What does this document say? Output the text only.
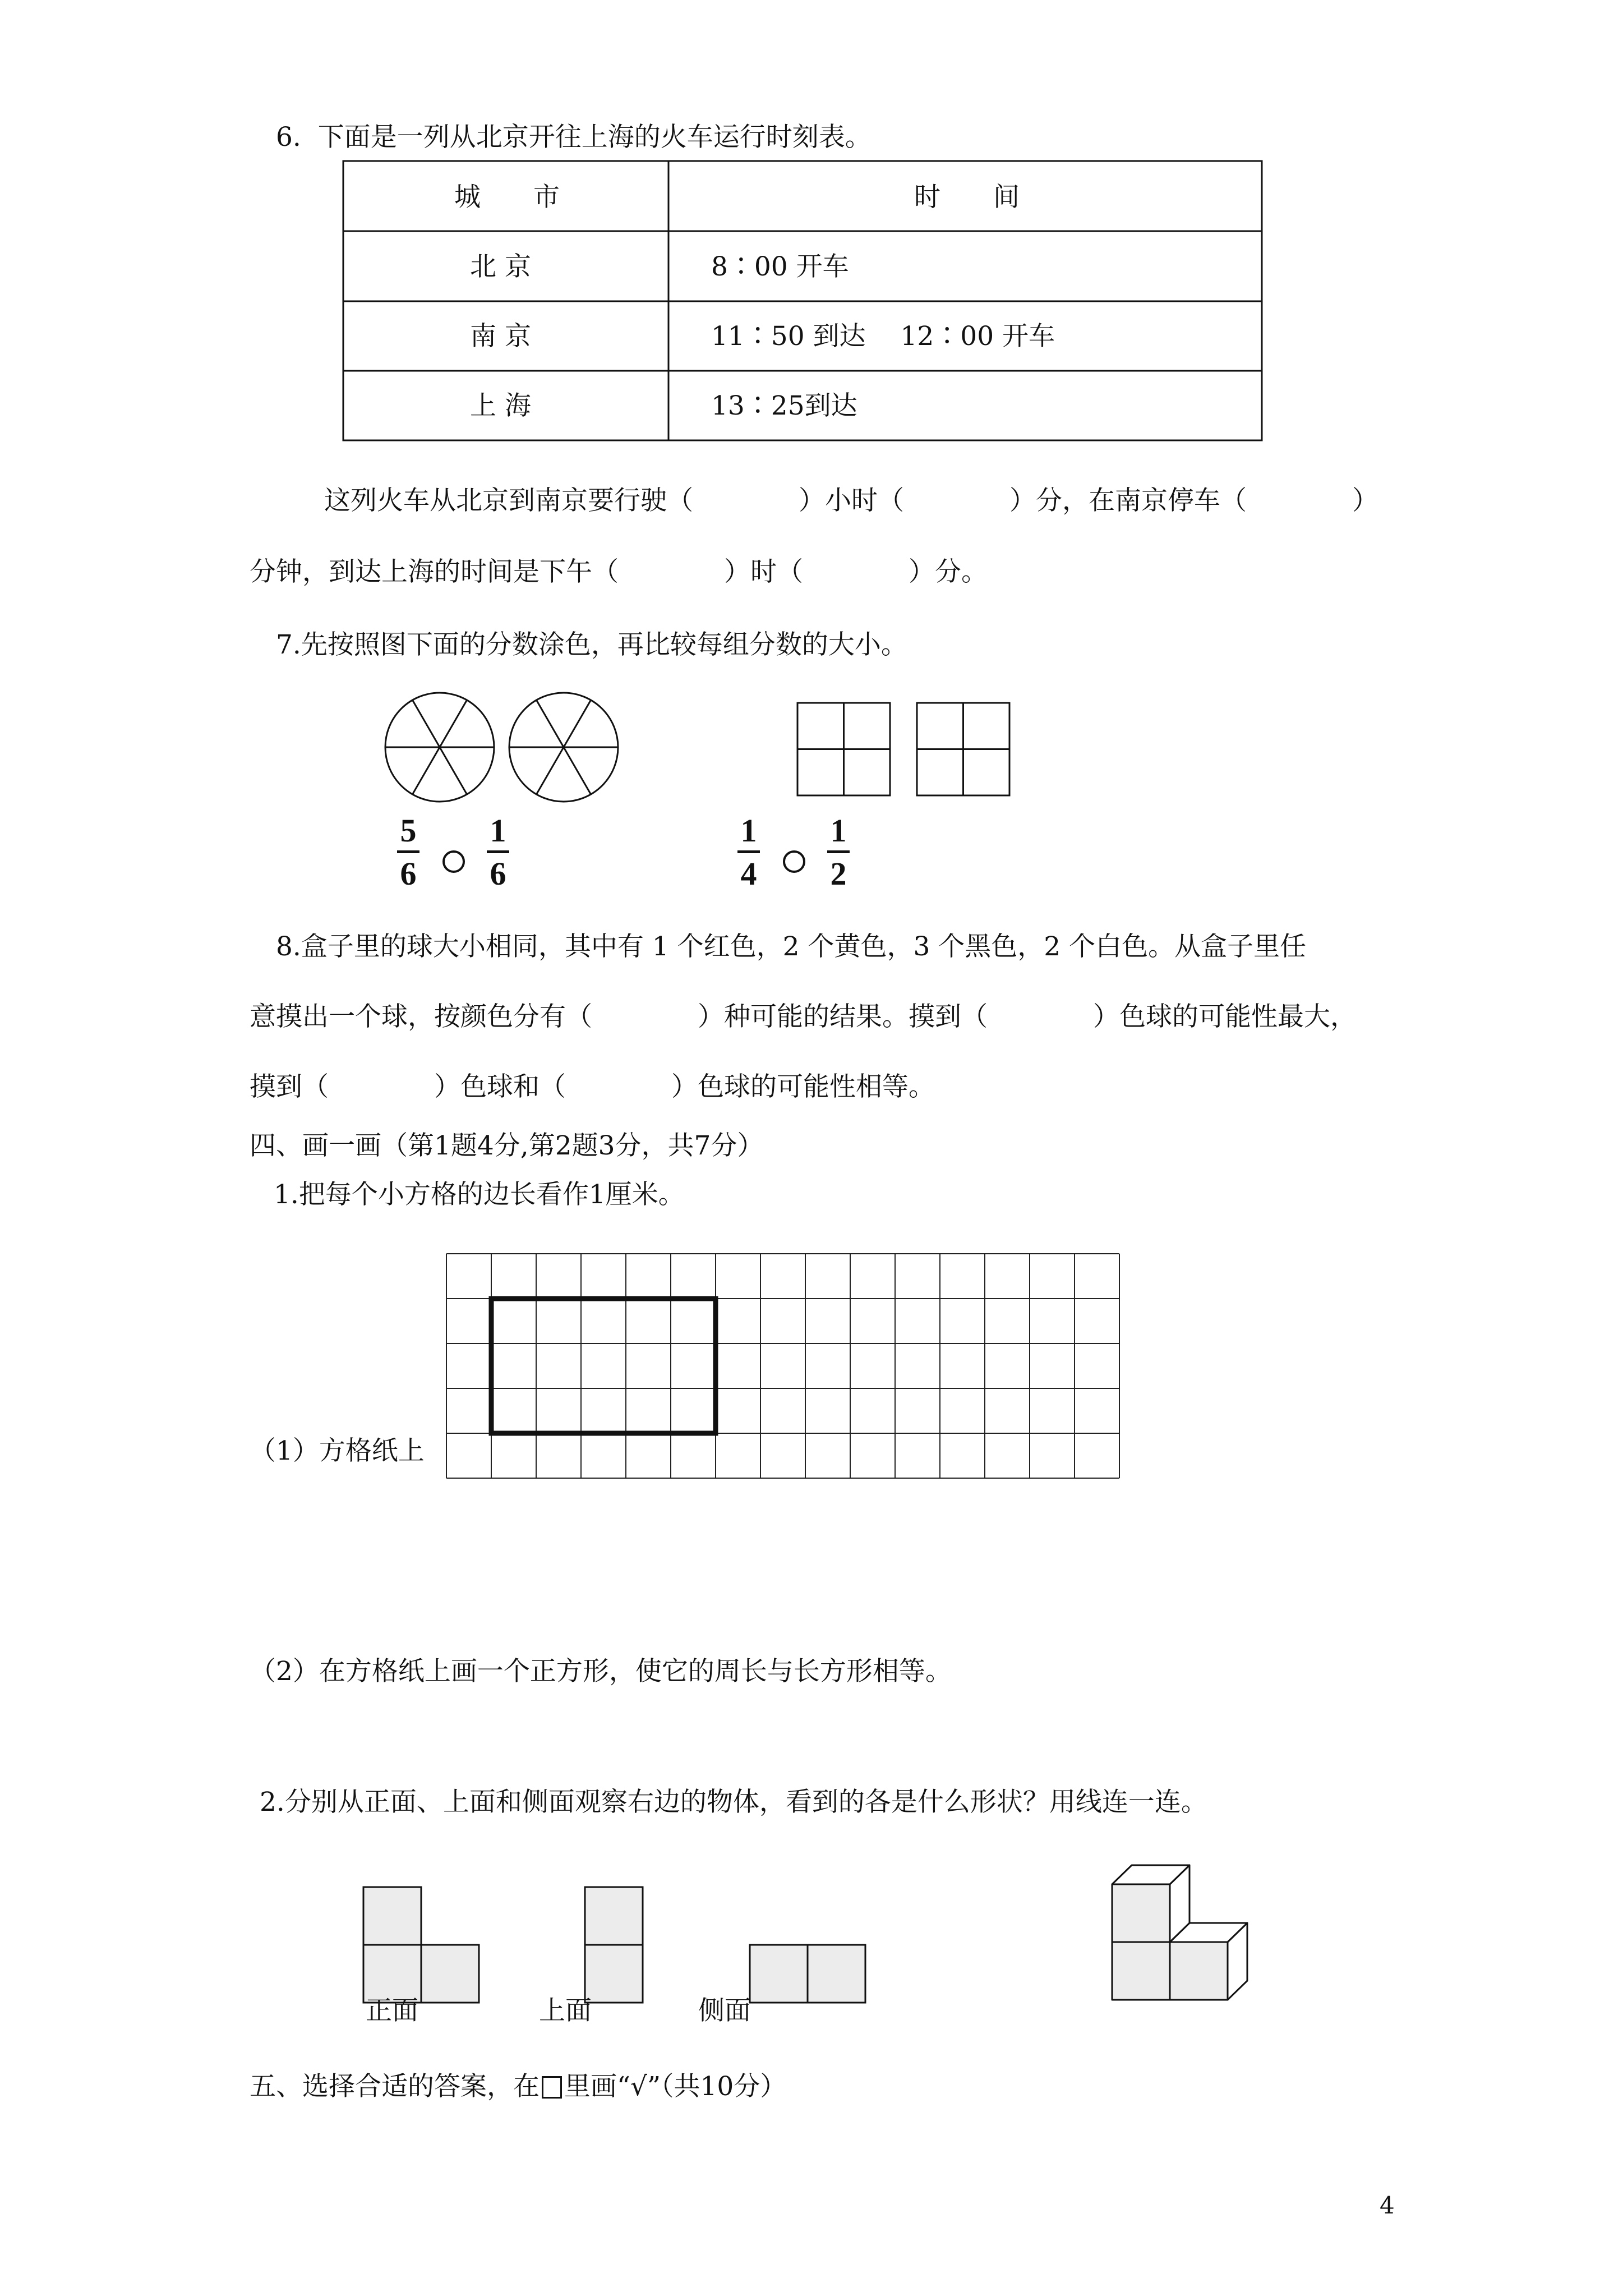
6.  下面是一列从北京开往上海的火车运行时刻表。
城　　市	时　　间
北 京	8∶00 开车
南 京	11∶50 到达　 12∶00 开车
上 海	13∶25到达
这列火车从北京到南京要行驶（　　　　）小时（　　　　）分，在南京停车（　　　　）
分钟，到达上海的时间是下午（　　　　）时（　　　　）分。
7.先按照图下面的分数涂色，再比较每组分数的大小。
5
6
1
6
1
4
1
2
8.盒子里的球大小相同，其中有 1 个红色，2 个黄色，3 个黑色，2 个白色。从盒子里任
意摸出一个球，按颜色分有（　　　　）种可能的结果。摸到（　　　　）色球的可能性最大，
摸到（　　　　）色球和（　　　　）色球的可能性相等。
四、画一画（第1题4分,第2题3分，共7分）
1.把每个小方格的边长看作1厘米。
（1）方格纸上
（2）在方格纸上画一个正方形，使它的周长与长方形相等。
2.分别从正面、上面和侧面观察右边的物体，看到的各是什么形状？用线连一连。
正面	上面	侧面
五、选择合适的答案，在 里画“√”（共10分）
4
